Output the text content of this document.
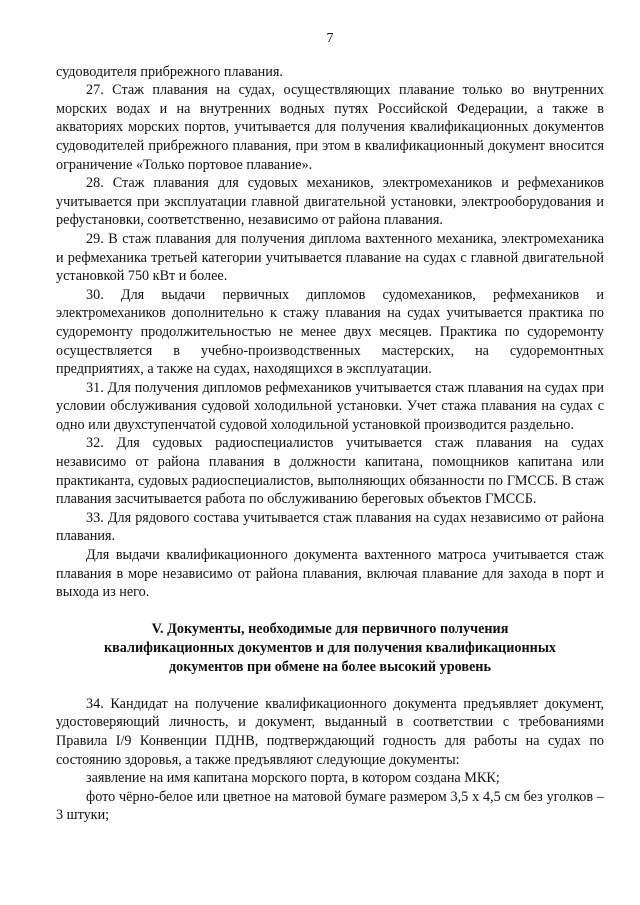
7

судоводителя прибрежного плавания.

27. Стаж плавания на судах, осуществляющих плавание только во внутренних морских водах и на внутренних водных путях Российской Федерации, а также в акваториях морских портов, учитывается для получения квалификационных документов судоводителей прибрежного плавания, при этом в квалификационный документ вносится ограничение «Только портовое плавание».

28. Стаж плавания для судовых механиков, электромехаников и рефмехаников учитывается при эксплуатации главной двигательной установки, электрооборудования и рефустановки, соответственно, независимо от района плавания.

29. В стаж плавания для получения диплома вахтенного механика, электромеханика и рефмеханика третьей категории учитывается плавание на судах с главной двигательной установкой 750 кВт и более.

30. Для выдачи первичных дипломов судомехаников, рефмехаников и электромехаников дополнительно к стажу плавания на судах учитывается практика по судоремонту продолжительностью не менее двух месяцев. Практика по судоремонту осуществляется в учебно-производственных мастерских, на судоремонтных предприятиях, а также на судах, находящихся в эксплуатации.

31. Для получения дипломов рефмехаников учитывается стаж плавания на судах при условии обслуживания судовой холодильной установки. Учет стажа плавания на судах с одно или двухступенчатой судовой холодильной установкой производится раздельно.

32. Для судовых радиоспециалистов учитывается стаж плавания на судах независимо от района плавания в должности капитана, помощников капитана или практиканта, судовых радиоспециалистов, выполняющих обязанности по ГМССБ. В стаж плавания засчитывается работа по обслуживанию береговых объектов ГМССБ.

33. Для рядового состава учитывается стаж плавания на судах независимо от района плавания.

Для выдачи квалификационного документа вахтенного матроса учитывается стаж плавания в море независимо от района плавания, включая плавание для захода в порт и выхода из него.

V. Документы, необходимые для первичного получения
квалификационных документов и для получения квалификационных
документов при обмене на более высокий уровень

34. Кандидат на получение квалификационного документа предъявляет документ, удостоверяющий личность, и документ, выданный в соответствии с требованиями Правила I/9 Конвенции ПДНВ, подтверждающий годность для работы на судах по состоянию здоровья, а также предъявляют следующие документы:

заявление на имя капитана морского порта, в котором создана МКК;

фото чёрно-белое или цветное на матовой бумаге размером 3,5 х 4,5 см без уголков – 3 штуки;
